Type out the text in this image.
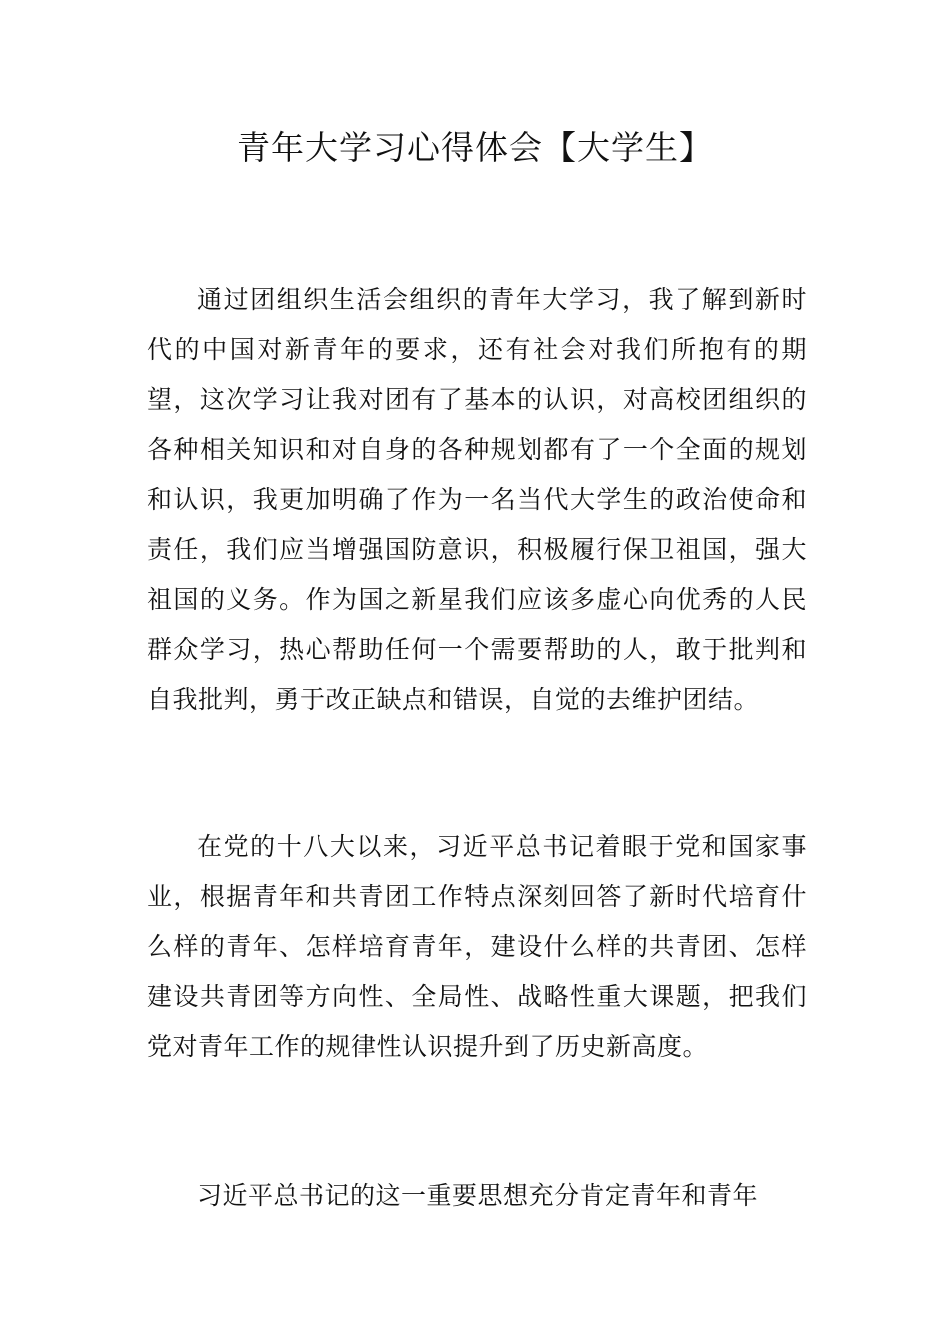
青年大学习心得体会【大学生】

通过团组织生活会组织的青年大学习，我了解到新时代的中国对新青年的要求，还有社会对我们所抱有的期望，这次学习让我对团有了基本的认识，对高校团组织的各种相关知识和对自身的各种规划都有了一个全面的规划和认识，我更加明确了作为一名当代大学生的政治使命和责任，我们应当增强国防意识，积极履行保卫祖国，强大祖国的义务。作为国之新星我们应该多虚心向优秀的人民群众学习，热心帮助任何一个需要帮助的人，敢于批判和自我批判，勇于改正缺点和错误，自觉的去维护团结。

在党的十八大以来，习近平总书记着眼于党和国家事业，根据青年和共青团工作特点深刻回答了新时代培育什么样的青年、怎样培育青年，建设什么样的共青团、怎样建设共青团等方向性、全局性、战略性重大课题，把我们党对青年工作的规律性认识提升到了历史新高度。

习近平总书记的这一重要思想充分肯定青年和青年
